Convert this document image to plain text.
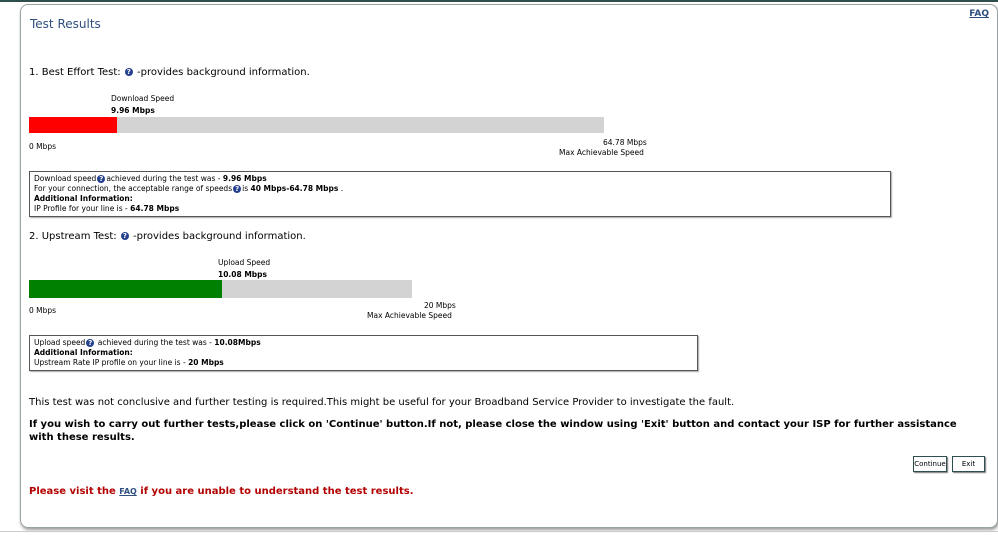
Test Results
FAQ
1. Best Effort Test: ? -provides background information.
Download Speed
9.96 Mbps
0 Mbps	64.78 Mbps
Max Achievable Speed
Download speed ? achieved during the test was - 9.96 Mbps
For your connection, the acceptable range of speeds ? is 40 Mbps-64.78 Mbps .
Additional Information:
IP Profile for your line is - 64.78 Mbps
2. Upstream Test: ? -provides background information.
Upload Speed
10.08 Mbps
0 Mbps
20 Mbps
Max Achievable Speed
Upload speed ? achieved during the test was - 10.08Mbps
Additional Information:
Upstream Rate IP profile on your line is - 20 Mbps
This test was not conclusive and further testing is required.This might be useful for your Broadband Service Provider to investigate the fault.
If you wish to carry out further tests,please click on 'Continue' button.If not, please close the window using 'Exit' button and contact your ISP for further assistance with these results.
Continue	Exit
Please visit the FAQ if you are unable to understand the test results.
